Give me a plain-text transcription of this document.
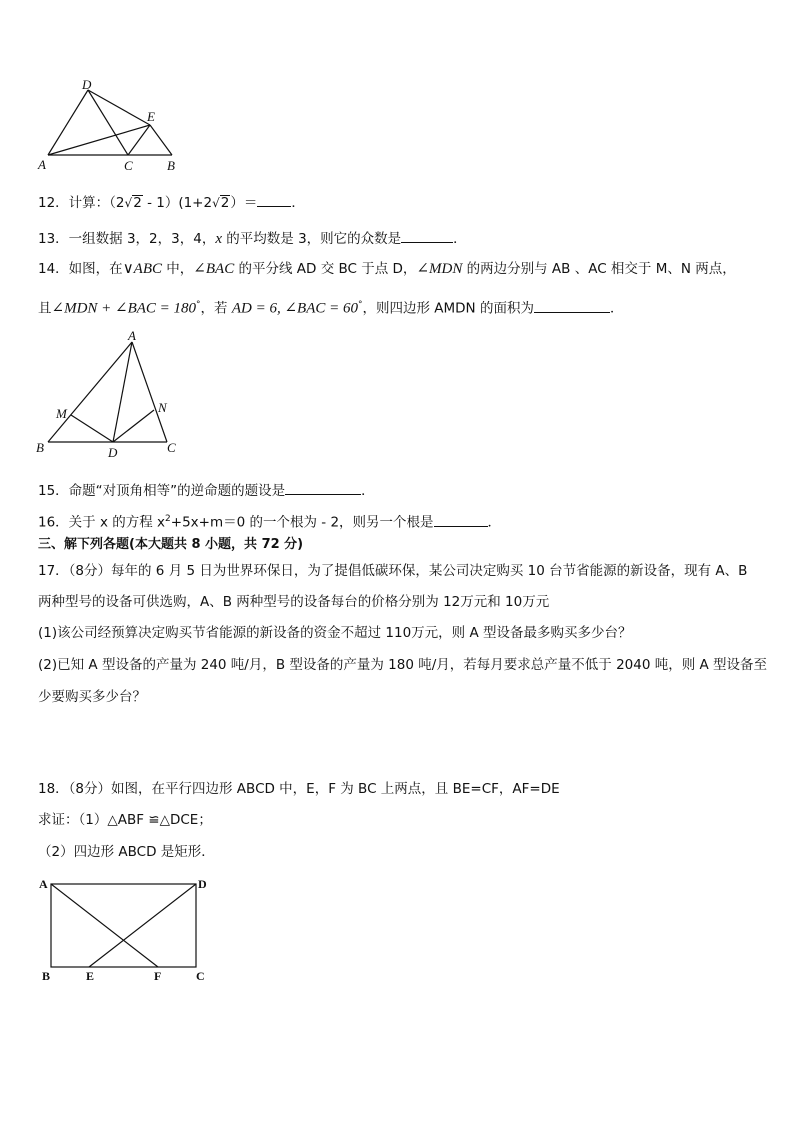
D
E
A	C	B
12．计算：（2√2 - 1）(1+2√2）＝	．
13．一组数据 3，2，3，4，x 的平均数是 3，则它的众数是	．
14．如图，在∨ABC 中，∠BAC 的平分线 AD 交 BC 于点 D，∠MDN 的两边分别与 AB 、AC 相交于 M、N 两点，
且∠MDN + ∠BAC = 180°，若 AD = 6, ∠BAC = 60°，则四边形 AMDN 的面积为	．
A
M	N
B	D	C
15．命题“对顶角相等”的逆命题的题设是	．
16．关于 x 的方程 $x^2+5x+m=0$ 的一个根为 - 2，则另一个根是	．
三、解下列各题(本大题共 8 小题，共 72 分)
17．（8分）每年的 6 月 5 日为世界环保日，为了提倡低碳环保，某公司决定购买 10 台节省能源的新设备，现有 A、B
两种型号的设备可供选购，A、B 两种型号的设备每台的价格分别为 12万元和 10万元
(1)该公司经预算决定购买节省能源的新设备的资金不超过 110万元，则 A 型设备最多购买多少台？
(2)已知 A 型设备的产量为 240 吨/月，B 型设备的产量为 180 吨/月，若每月要求总产量不低于 2040 吨，则 A 型设备至
少要购买多少台？
18．（8分）如图，在平行四边形 ABCD 中，E，F 为 BC 上两点，且 BE=CF，AF=DE
求证：（1）△ABF ≌△DCE；
（2）四边形 ABCD 是矩形．
A	D
B	E	F	C
